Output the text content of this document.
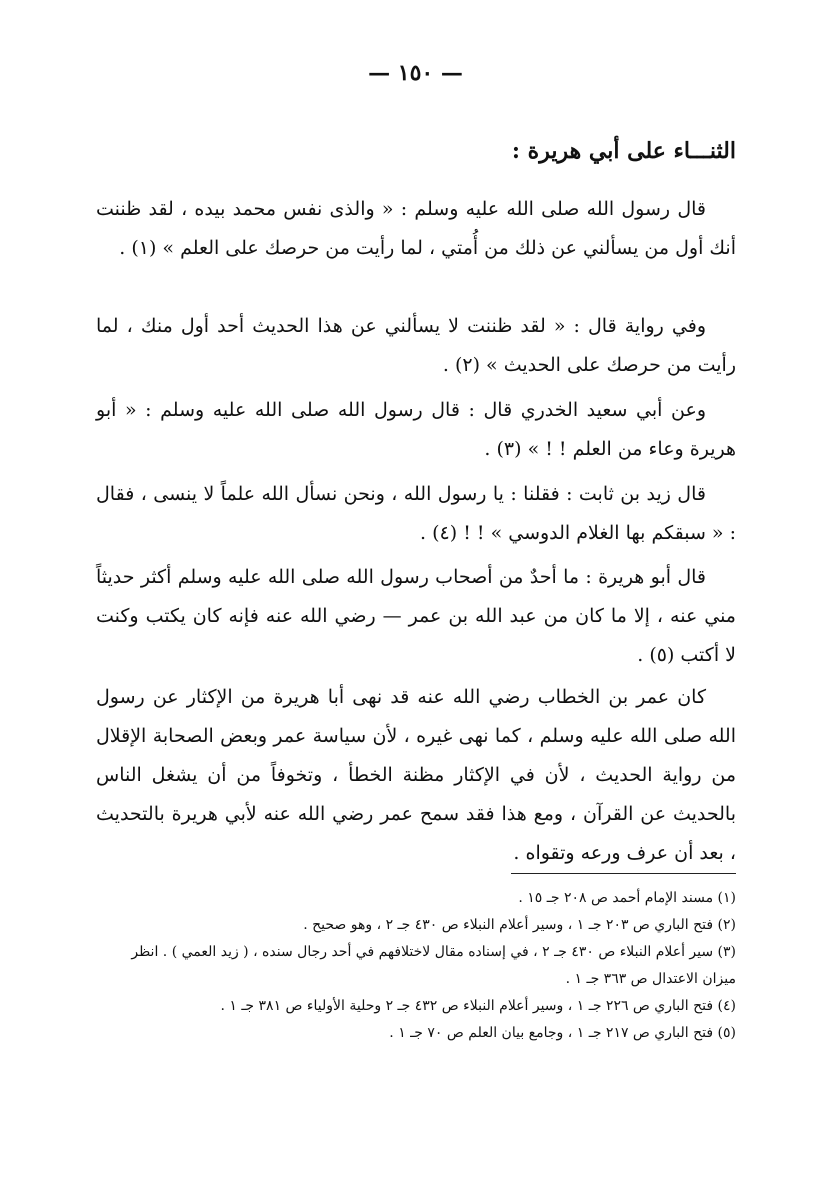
— ١٥٠ —
الثنـــاء على أبي هريرة :

قال رسول الله صلى الله عليه وسلم : « والذى نفس محمد بيده ، لقد ظننت أنك أول من يسألني عن ذلك من أُمتي ، لما رأيت من حرصك على العلم » (١) .

وفي رواية قال : « لقد ظننت لا يسألني عن هذا الحديث أحد أول منك ، لما رأيت من حرصك على الحديث » (٢) .

وعن أبي سعيد الخدري قال : قال رسول الله صلى الله عليه وسلم : « أبو هريرة وعاء من العلم ! ! » (٣) .

قال زيد بن ثابت : فقلنا : يا رسول الله ، ونحن نسأل الله علماً لا ينسى ، فقال : « سبقكم بها الغلام الدوسي » ! ! (٤) .

قال أبو هريرة : ما أحدٌ من أصحاب رسول الله صلى الله عليه وسلم أكثر حديثاً مني عنه ، إلا ما كان من عبد الله بن عمر — رضي الله عنه فإنه كان يكتب وكنت لا أكتب (٥) .

كان عمر بن الخطاب رضي الله عنه قد نهى أبا هريرة من الإكثار عن رسول الله صلى الله عليه وسلم ، كما نهى غيره ، لأن سياسة عمر وبعض الصحابة الإقلال من رواية الحديث ، لأن في الإكثار مظنة الخطأ ، وتخوفاً من أن يشغل الناس بالحديث عن القرآن ، ومع هذا فقد سمح عمر رضي الله عنه لأبي هريرة بالتحديث ، بعد أن عرف ورعه وتقواه .

(١) مسند الإمام أحمد ص ٢٠٨ جـ ١٥ .

(٢) فتح الباري ص ٢٠٣ جـ ١ ، وسير أعلام النبلاء ص ٤٣٠ جـ ٢ ، وهو صحيح .

(٣) سير أعلام النبلاء ص ٤٣٠ جـ ٢ ، في إسناده مقال لاختلافهم في أحد رجال سنده ، ( زيد العمي ) . انظر ميزان الاعتدال ص ٣٦٣ جـ ١ .

(٤) فتح الباري ص ٢٢٦ جـ ١ ، وسير أعلام النبلاء ص ٤٣٢ جـ ٢ وحلية الأولياء ص ٣٨١ جـ ١ .

(٥) فتح الباري ص ٢١٧ جـ ١ ، وجامع بيان العلم ص ٧٠ جـ ١ .
